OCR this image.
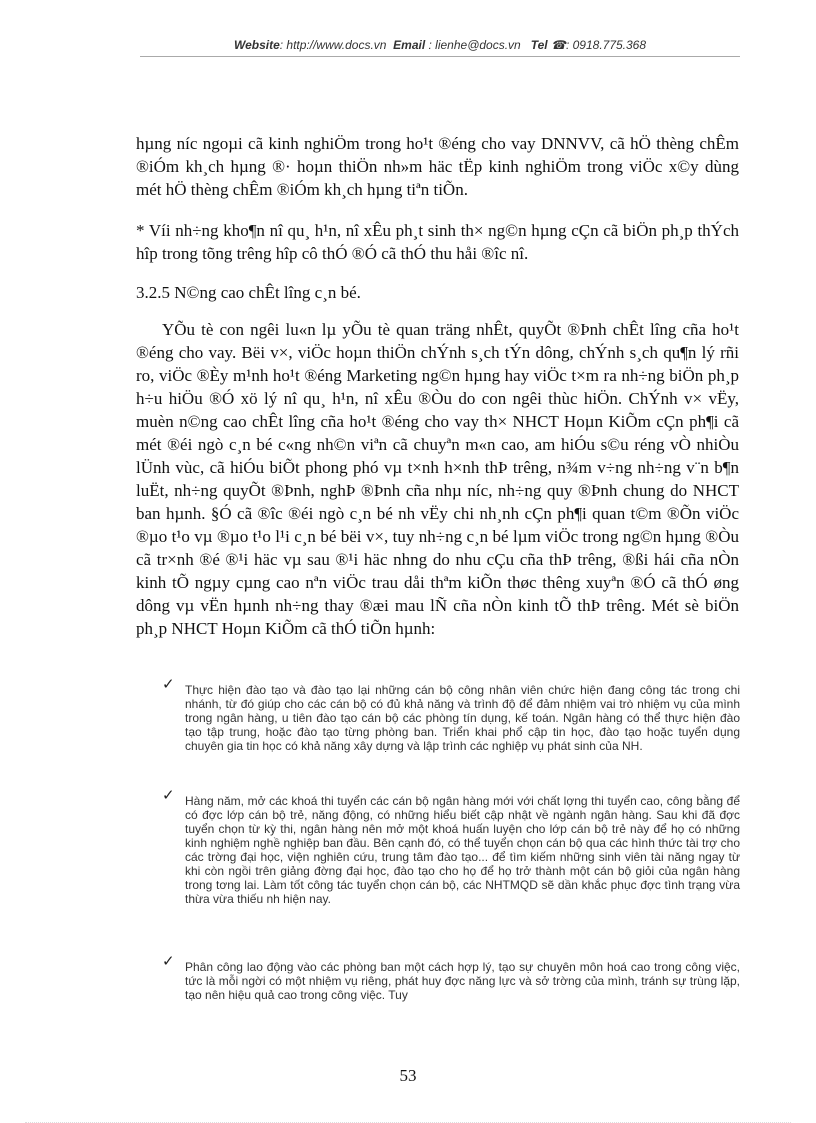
Website: http://www.docs.vn Email : lienhe@docs.vn Tel ☎: 0918.775.368

hµng níc ngoµi cã kinh nghiÖm trong ho¹t ®éng cho vay DNNVV, cã hÖ thèng chÊm ®iÓm kh¸ch hµng ®· hoµn thiÖn nh»m häc tËp kinh nghiÖm trong viÖc x©y dùng mét hÖ thèng chÊm ®iÓm kh¸ch hµng tiªn tiÕn.

* Víi nh÷ng kho¶n nî qu¸ h¹n, nî xÊu ph¸t sinh th× ng©n hµng cÇn cã biÖn ph¸p thÝch hîp trong tõng trêng hîp cô thÓ ®Ó cã thÓ thu håi ®îc nî.

3.2.5 N©ng cao chÊt lîng c¸n bé.

YÕu tè con ngêi lu«n lµ yÕu tè quan träng nhÊt, quyÕt ®Þnh chÊt lîng cña ho¹t ®éng cho vay. Bëi v×, viÖc hoµn thiÖn chÝnh s¸ch tÝn dông, chÝnh s¸ch qu¶n lý rñi ro, viÖc ®Èy m¹nh ho¹t ®éng Marketing ng©n hµng hay viÖc t×m ra nh÷ng biÖn ph¸p h÷u hiÖu ®Ó xö lý nî qu¸ h¹n, nî xÊu ®Òu do con ngêi thùc hiÖn. ChÝnh v× vËy, muèn n©ng cao chÊt lîng cña ho¹t ®éng cho vay th× NHCT Hoµn KiÕm cÇn ph¶i cã mét ®éi ngò c¸n bé c«ng nh©n viªn cã chuyªn m«n cao, am hiÓu s©u réng vÒ nhiÒu lÜnh vùc, cã hiÓu biÕt phong phó vµ t×nh h×nh thÞ trêng, n¾m v÷ng nh÷ng v¨n b¶n luËt, nh÷ng quyÕt ®Þnh, nghÞ ®Þnh cña nhµ níc, nh÷ng quy ®Þnh chung do NHCT ban hµnh. §Ó cã ®îc ®éi ngò c¸n bé nh vËy chi nh¸nh cÇn ph¶i quan t©m ®Õn viÖc ®µo t¹o vµ ®µo t¹o l¹i c¸n bé bëi v×, tuy nh÷ng c¸n bé lµm viÖc trong ng©n hµng ®Òu cã tr×nh ®é ®¹i häc vµ sau ®¹i häc nhng do nhu cÇu cña thÞ trêng, ®ßi hái cña nÒn kinh tÕ ngµy cµng cao nªn viÖc trau dåi thªm kiÕn thøc thêng xuyªn ®Ó cã thÓ øng dông vµ vËn hµnh nh÷ng thay ®æi mau lÑ cña nÒn kinh tÕ thÞ trêng. Mét sè biÖn ph¸p NHCT Hoµn KiÕm cã thÓ tiÕn hµnh:

✓ Thực hiện đào tạo và đào tạo lại những cán bộ công nhân viên chức hiện đang công tác trong chi nhánh, từ đó giúp cho các cán bộ có đủ khả năng và trình độ để đảm nhiệm vai trò nhiệm vụ của mình trong ngân hàng, u tiên đào tạo cán bộ các phòng tín dụng, kế toán. Ngân hàng có thể thực hiện đào tạo tập trung, hoặc đào tạo từng phòng ban. Triển khai phổ cập tin học, đào tạo hoặc tuyển dụng chuyên gia tin học có khả năng xây dựng và lập trình các nghiệp vụ phát sinh của NH.
✓ Hàng năm, mở các khoá thi tuyển các cán bộ ngân hàng mới với chất lợng thi tuyển cao, công bằng để có đợc lớp cán bộ trẻ, năng động, có những hiểu biết cập nhật về ngành ngân hàng. Sau khi đã đợc tuyển chọn từ kỳ thi, ngân hàng nên mở một khoá huấn luyện cho lớp cán bộ trẻ này để họ có những kinh nghiệm nghề nghiệp ban đầu. Bên cạnh đó, có thể tuyển chọn cán bộ qua các hình thức tài trợ cho các trờng đại học, viện nghiên cứu, trung tâm đào tạo... để tìm kiếm những sinh viên tài năng ngay từ khi còn ngồi trên giảng đờng đại học, đào tạo cho họ để họ trở thành một cán bộ giỏi của ngân hàng trong tơng lai. Làm tốt công tác tuyển chọn cán bộ, các NHTMQD sẽ dần khắc phục đợc tình trạng vừa thừa vừa thiếu nh hiện nay.
✓ Phân công lao động vào các phòng ban một cách hợp lý, tạo sự chuyên môn hoá cao trong công việc, tức là mỗi ngời có một nhiệm vụ riêng, phát huy đợc năng lực và sở trờng của mình, tránh sự trùng lặp, tạo nên hiệu quả cao trong công việc. Tuy
53
